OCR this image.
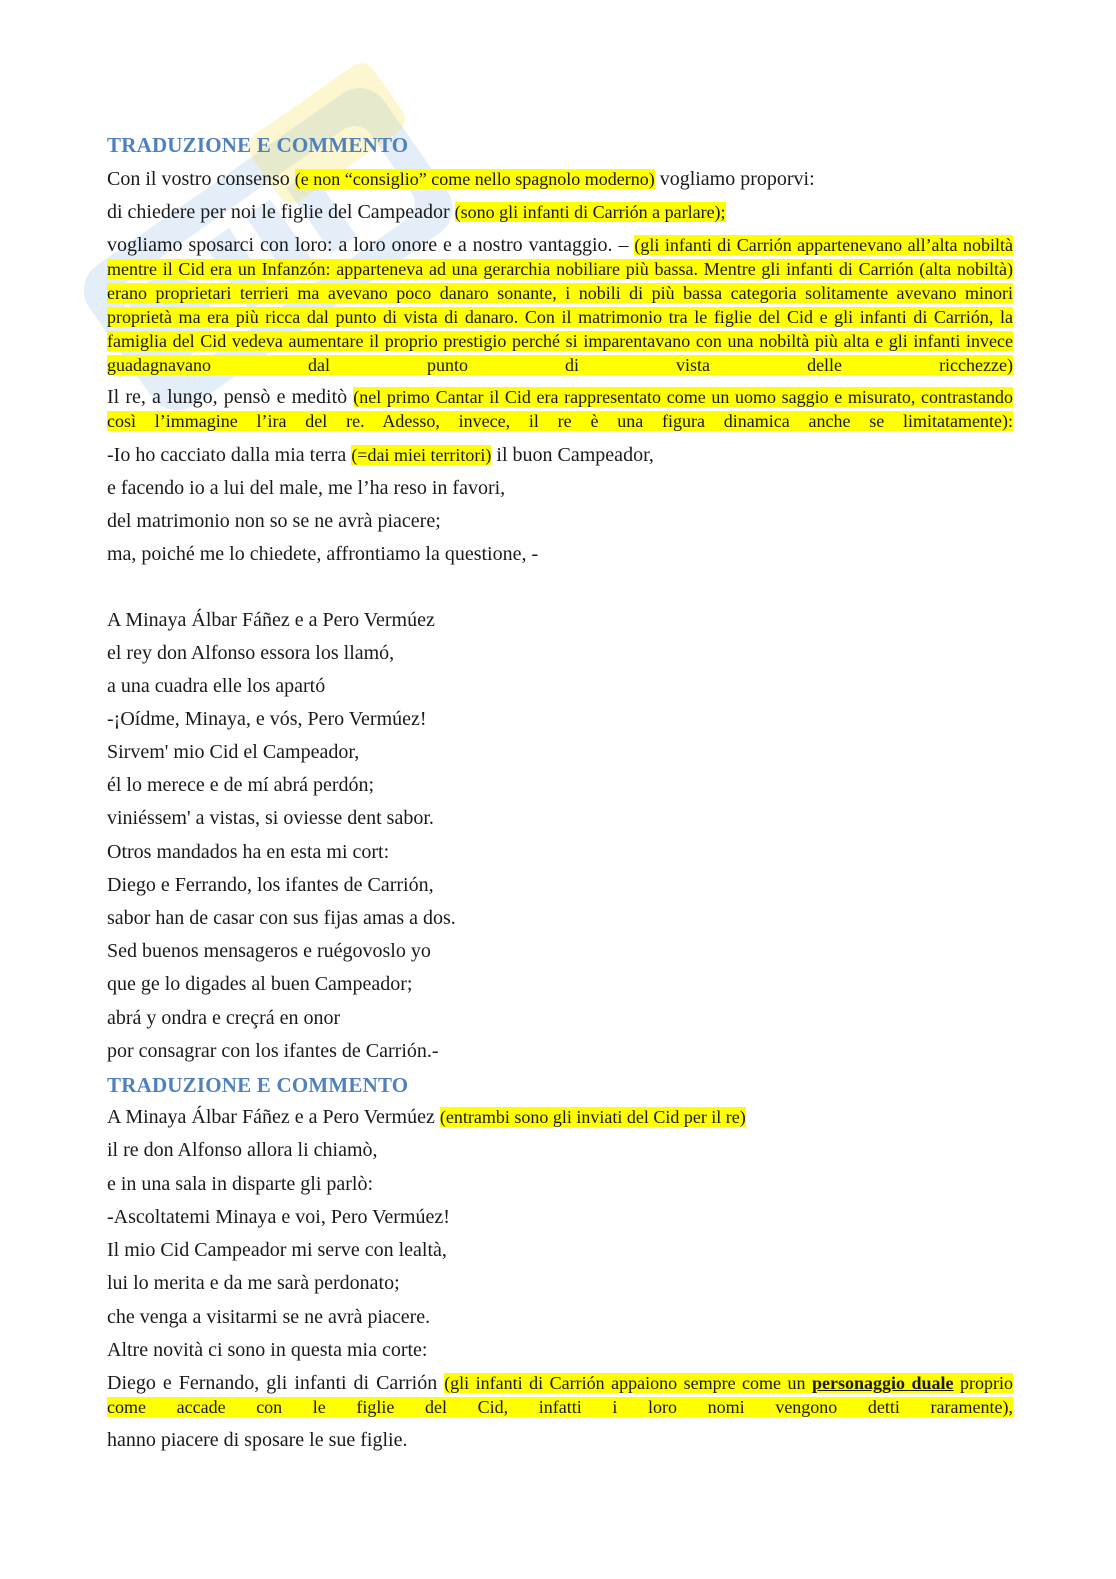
TRADUZIONE E COMMENTO
Con il vostro consenso (e non “consiglio” come nello spagnolo moderno) vogliamo proporvi:
di chiedere per noi le figlie del Campeador (sono gli infanti di Carrión a parlare);
vogliamo sposarci con loro: a loro onore e a nostro vantaggio. – (gli infanti di Carrión appartenevano all’alta nobiltà mentre il Cid era un Infanzón: apparteneva ad una gerarchia nobiliare più bassa. Mentre gli infanti di Carrión (alta nobiltà) erano proprietari terrieri ma avevano poco danaro sonante, i nobili di più bassa categoria solitamente avevano minori proprietà ma era più ricca dal punto di vista di danaro. Con il matrimonio tra le figlie del Cid e gli infanti di Carrión, la famiglia del Cid vedeva aumentare il proprio prestigio perché si imparentavano con una nobiltà più alta e gli infanti invece guadagnavano dal punto di vista delle ricchezze)
Il re, a lungo, pensò e meditò (nel primo Cantar il Cid era rappresentato come un uomo saggio e misurato, contrastando così l’immagine l’ira del re. Adesso, invece, il re è una figura dinamica anche se limitatamente):
-Io ho cacciato dalla mia terra (=dai miei territori) il buon Campeador,
e facendo io a lui del male, me l’ha reso in favori,
del matrimonio non so se ne avrà piacere;
ma, poiché me lo chiedete, affrontiamo la questione, -
A Minaya Álbar Fáñez e a Pero Vermúez
el rey don Alfonso essora los llamó,
a una cuadra elle los apartó
-¡Oídme, Minaya, e vós, Pero Vermúez!
Sirvem' mio Cid el Campeador,
él lo merece e de mí abrá perdón;
viniéssem' a vistas, si oviesse dent sabor.
Otros mandados ha en esta mi cort:
Diego e Ferrando, los ifantes de Carrión,
sabor han de casar con sus fijas amas a dos.
Sed buenos mensageros e ruégovoslo yo
que ge lo digades al buen Campeador;
abrá y ondra e creçrá en onor
por consagrar con los ifantes de Carrión.-
TRADUZIONE E COMMENTO
A Minaya Álbar Fáñez e a Pero Vermúez (entrambi sono gli inviati del Cid per il re)
il re don Alfonso allora li chiamò,
e in una sala in disparte gli parlò:
-Ascoltatemi Minaya e voi, Pero Vermúez!
Il mio Cid Campeador mi serve con lealtà,
lui lo merita e da me sarà perdonato;
che venga a visitarmi se ne avrà piacere.
Altre novità ci sono in questa mia corte:
Diego e Fernando, gli infanti di Carrión (gli infanti di Carrión appaiono sempre come un personaggio duale proprio come accade con le figlie del Cid, infatti i loro nomi vengono detti raramente),
hanno piacere di sposare le sue figlie.
